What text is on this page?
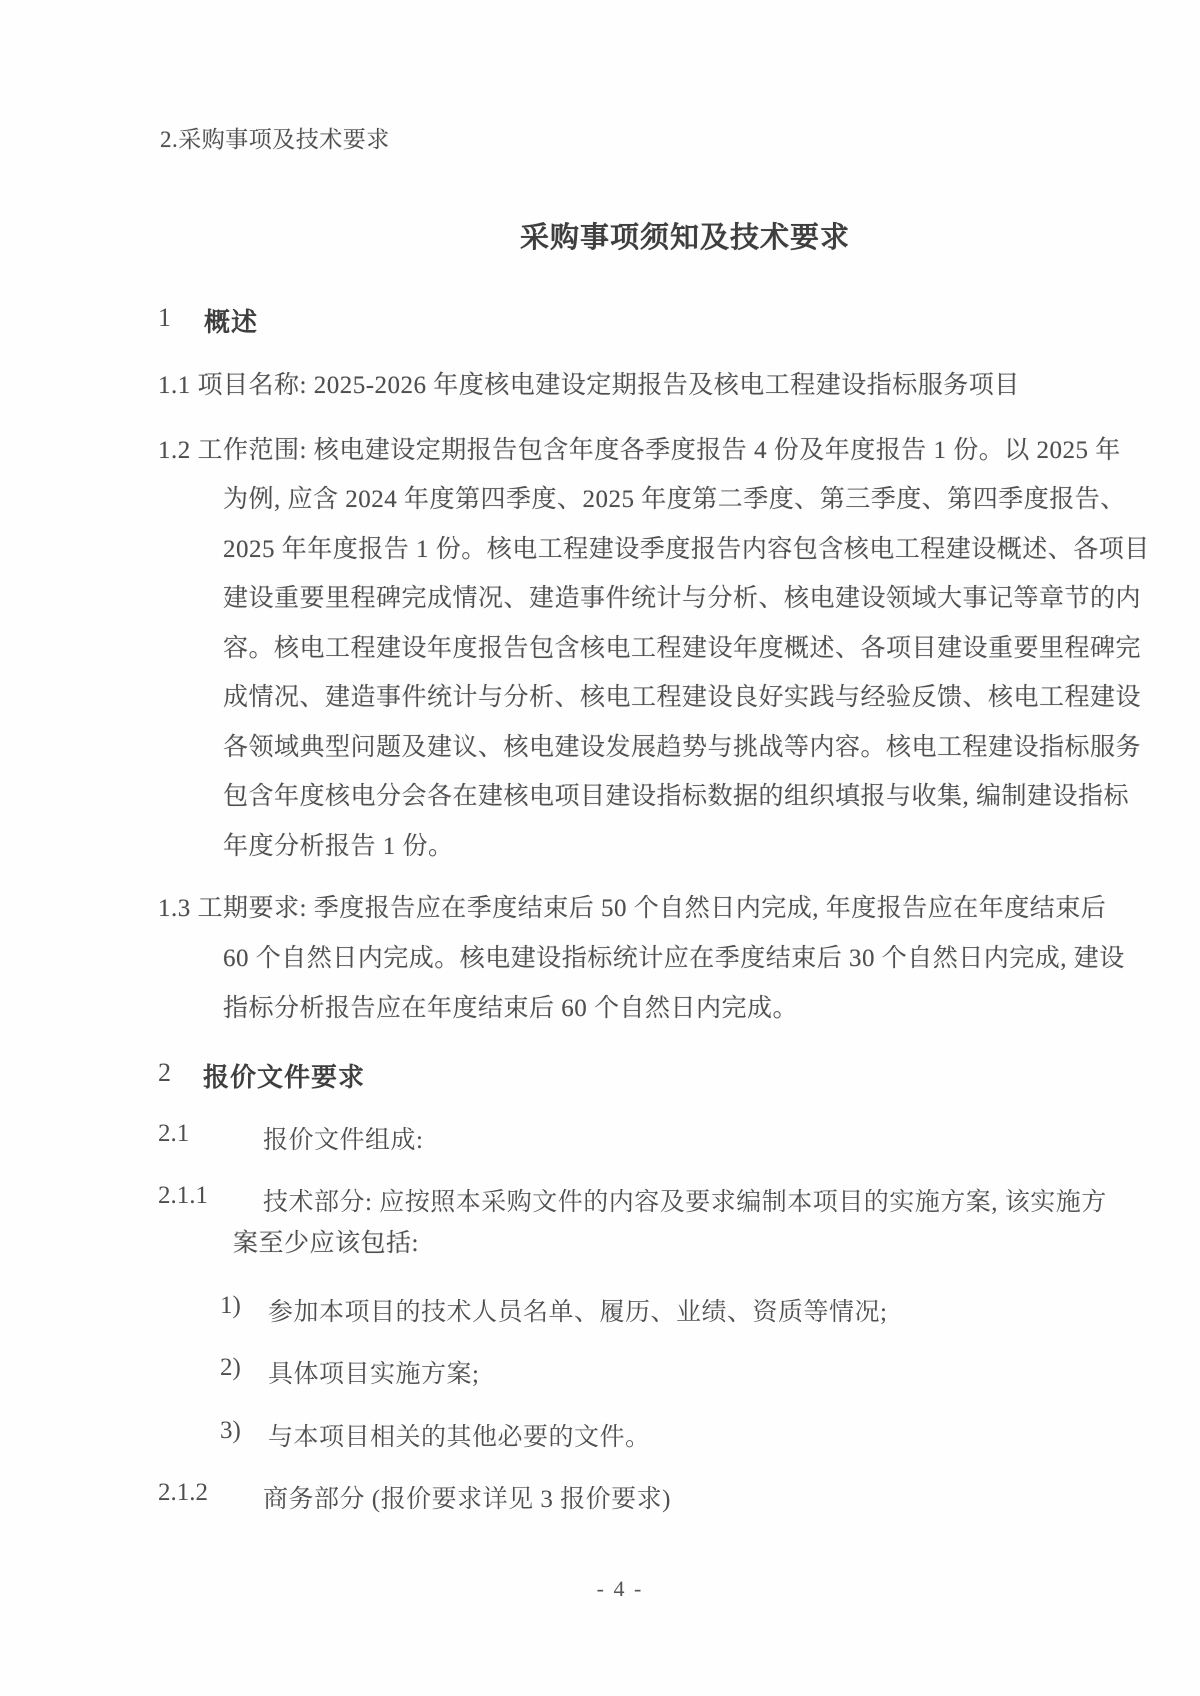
2.采购事项及技术要求
采购事项须知及技术要求
1 概述
1.1 项目名称: 2025-2026 年度核电建设定期报告及核电工程建设指标服务项目
1.2 工作范围: 核电建设定期报告包含年度各季度报告 4 份及年度报告 1 份。以 2025 年
为例, 应含 2024 年度第四季度、2025 年度第二季度、第三季度、第四季度报告、
2025 年年度报告 1 份。核电工程建设季度报告内容包含核电工程建设概述、各项目
建设重要里程碑完成情况、建造事件统计与分析、核电建设领域大事记等章节的内
容。核电工程建设年度报告包含核电工程建设年度概述、各项目建设重要里程碑完
成情况、建造事件统计与分析、核电工程建设良好实践与经验反馈、核电工程建设
各领域典型问题及建议、核电建设发展趋势与挑战等内容。核电工程建设指标服务
包含年度核电分会各在建核电项目建设指标数据的组织填报与收集, 编制建设指标
年度分析报告 1 份。
1.3 工期要求: 季度报告应在季度结束后 50 个自然日内完成, 年度报告应在年度结束后
60 个自然日内完成。核电建设指标统计应在季度结束后 30 个自然日内完成, 建设
指标分析报告应在年度结束后 60 个自然日内完成。
2 报价文件要求
2.1	报价文件组成:
2.1.1 技术部分: 应按照本采购文件的内容及要求编制本项目的实施方案, 该实施方
案至少应该包括:
1) 参加本项目的技术人员名单、履历、业绩、资质等情况;
2) 具体项目实施方案;
3) 与本项目相关的其他必要的文件。
2.1.2 商务部分 (报价要求详见 3 报价要求)
- 4 -
